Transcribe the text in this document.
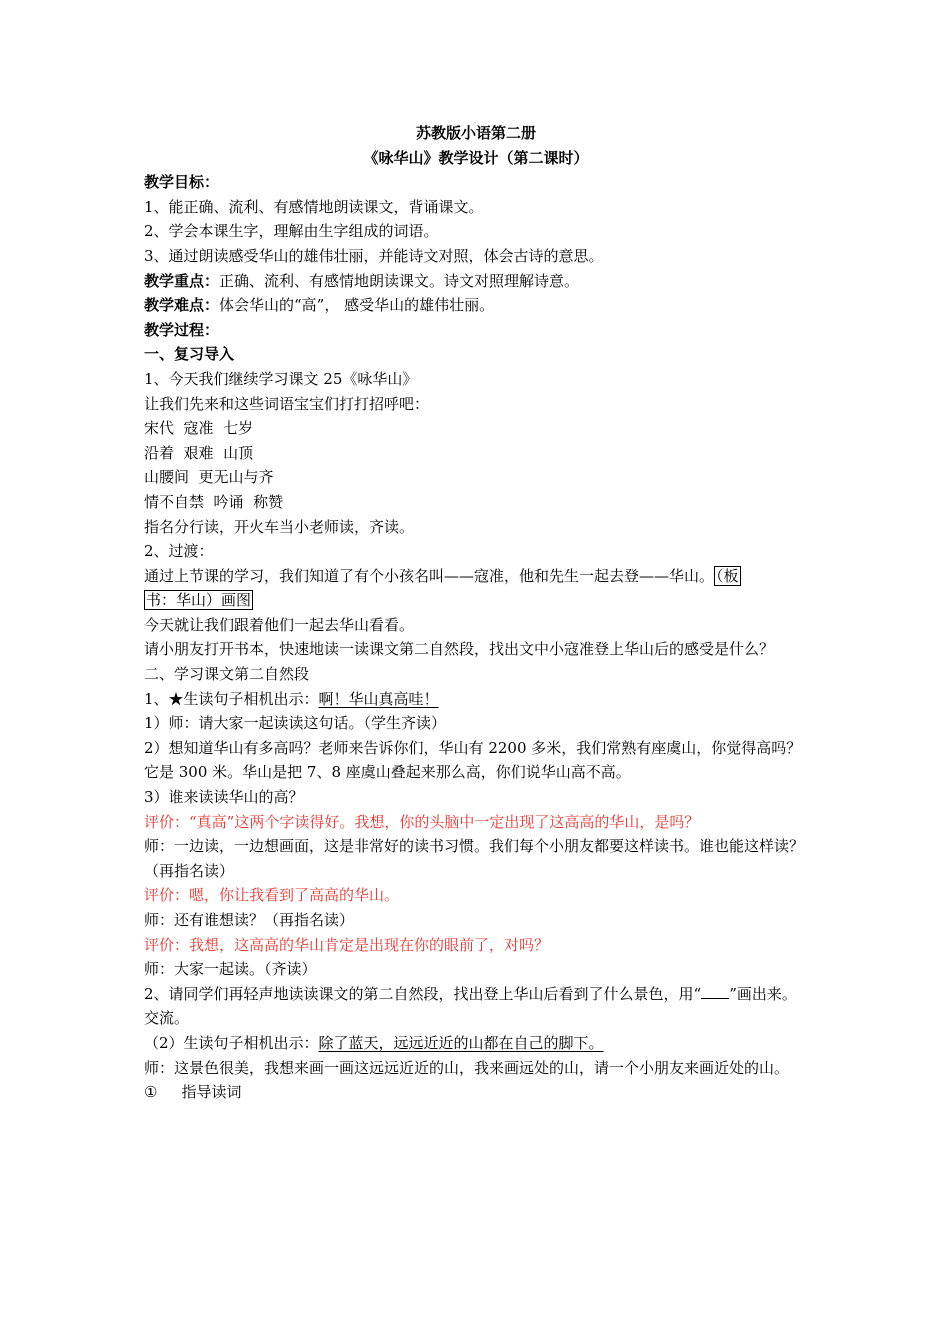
苏教版小语第二册
《咏华山》教学设计（第二课时）
教学目标：
1、能正确、流利、有感情地朗读课文，背诵课文。
2、学会本课生字，理解由生字组成的词语。
3、通过朗读感受华山的雄伟壮丽，并能诗文对照，体会古诗的意思。
教学重点：正确、流利、有感情地朗读课文。诗文对照理解诗意。
教学难点：体会华山的“高”， 感受华山的雄伟壮丽。
教学过程：
一、复习导入
1、今天我们继续学习课文 25《咏华山》
让我们先来和这些词语宝宝们打打招呼吧：
宋代  寇准  七岁
沿着  艰难  山顶
山腰间  更无山与齐
情不自禁  吟诵  称赞
指名分行读，开火车当小老师读，齐读。
2、过渡：
通过上节课的学习，我们知道了有个小孩名叫——寇准，他和先生一起去登——华山。 （板
书：华山）画图
今天就让我们跟着他们一起去华山看看。
请小朋友打开书本，快速地读一读课文第二自然段，找出文中小寇准登上华山后的感受是什么？
二、学习课文第二自然段
1、★生读句子相机出示：啊！华山真高哇！
1）师：请大家一起读读这句话。（学生齐读）
2）想知道华山有多高吗？老师来告诉你们，华山有 2200 多米，我们常熟有座虞山，你觉得高吗？它是 300 米。华山是把 7、8 座虞山叠起来那么高，你们说华山高不高。
3）谁来读读华山的高？
评价：“真高”这两个字读得好。我想，你的头脑中一定出现了这高高的华山，是吗？
师：一边读，一边想画面，这是非常好的读书习惯。我们每个小朋友都要这样读书。谁也能这样读？（再指名读）
评价：嗯，你让我看到了高高的华山。
师：还有谁想读？（再指名读）
评价：我想，这高高的华山肯定是出现在你的眼前了，对吗？
师：大家一起读。（齐读）
2、请同学们再轻声地读读课文的第二自然段，找出登上华山后看到了什么景色，用“ ”画出来。
交流。
（2）生读句子相机出示：除了蓝天，远远近近的山都在自己的脚下。
师：这景色很美，我想来画一画这远远近近的山，我来画远处的山，请一个小朋友来画近处的山。
① 指导读词
